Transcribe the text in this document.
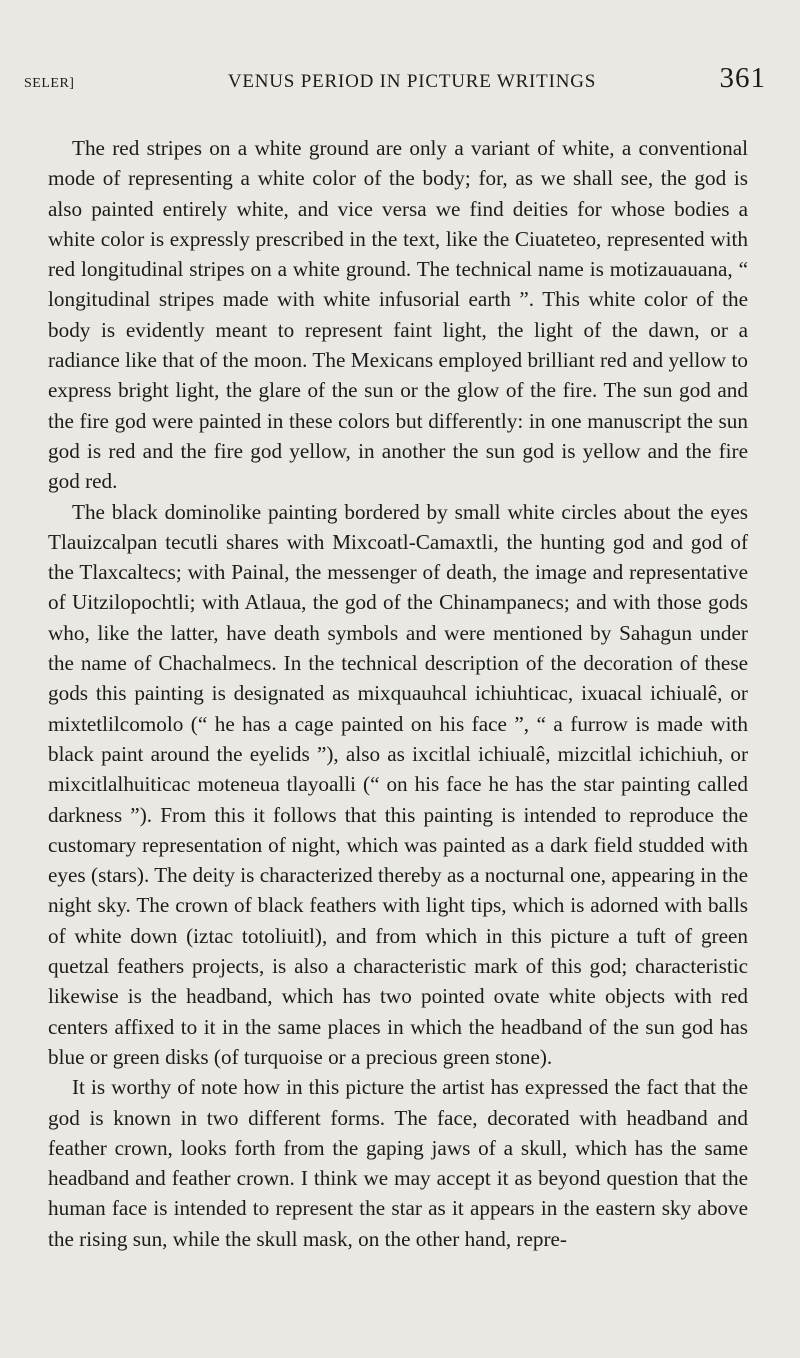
SELER]	VENUS PERIOD IN PICTURE WRITINGS	361

The red stripes on a white ground are only a variant of white, a conventional mode of representing a white color of the body; for, as we shall see, the god is also painted entirely white, and vice versa we find deities for whose bodies a white color is expressly prescribed in the text, like the Ciuateteo, represented with red longitudinal stripes on a white ground. The technical name is motizauauana, “ longitudinal stripes made with white infusorial earth ”. This white color of the body is evidently meant to represent faint light, the light of the dawn, or a radiance like that of the moon. The Mexicans employed brilliant red and yellow to express bright light, the glare of the sun or the glow of the fire. The sun god and the fire god were painted in these colors but differently: in one manuscript the sun god is red and the fire god yellow, in another the sun god is yellow and the fire god red.

The black dominolike painting bordered by small white circles about the eyes Tlauizcalpan tecutli shares with Mixcoatl-Camaxtli, the hunting god and god of the Tlaxcaltecs; with Painal, the messenger of death, the image and representative of Uitzilopochtli; with Atlaua, the god of the Chinampanecs; and with those gods who, like the latter, have death symbols and were mentioned by Sahagun under the name of Chachalmecs. In the technical description of the decoration of these gods this painting is designated as mixquauhcal ichiuhticac, ixuacal ichiualê, or mixtetlilcomolo (“ he has a cage painted on his face ”, “ a furrow is made with black paint around the eyelids ”), also as ixcitlal ichiualê, mizcitlal ichichiuh, or mixcitlalhuiticac moteneua tlayoalli (“ on his face he has the star painting called darkness ”). From this it follows that this painting is intended to reproduce the customary representation of night, which was painted as a dark field studded with eyes (stars). The deity is characterized thereby as a nocturnal one, appearing in the night sky. The crown of black feathers with light tips, which is adorned with balls of white down (iztac totoliuitl), and from which in this picture a tuft of green quetzal feathers projects, is also a characteristic mark of this god; characteristic likewise is the headband, which has two pointed ovate white objects with red centers affixed to it in the same places in which the headband of the sun god has blue or green disks (of turquoise or a precious green stone).

It is worthy of note how in this picture the artist has expressed the fact that the god is known in two different forms. The face, decorated with headband and feather crown, looks forth from the gaping jaws of a skull, which has the same headband and feather crown. I think we may accept it as beyond question that the human face is intended to represent the star as it appears in the eastern sky above the rising sun, while the skull mask, on the other hand, repre-
